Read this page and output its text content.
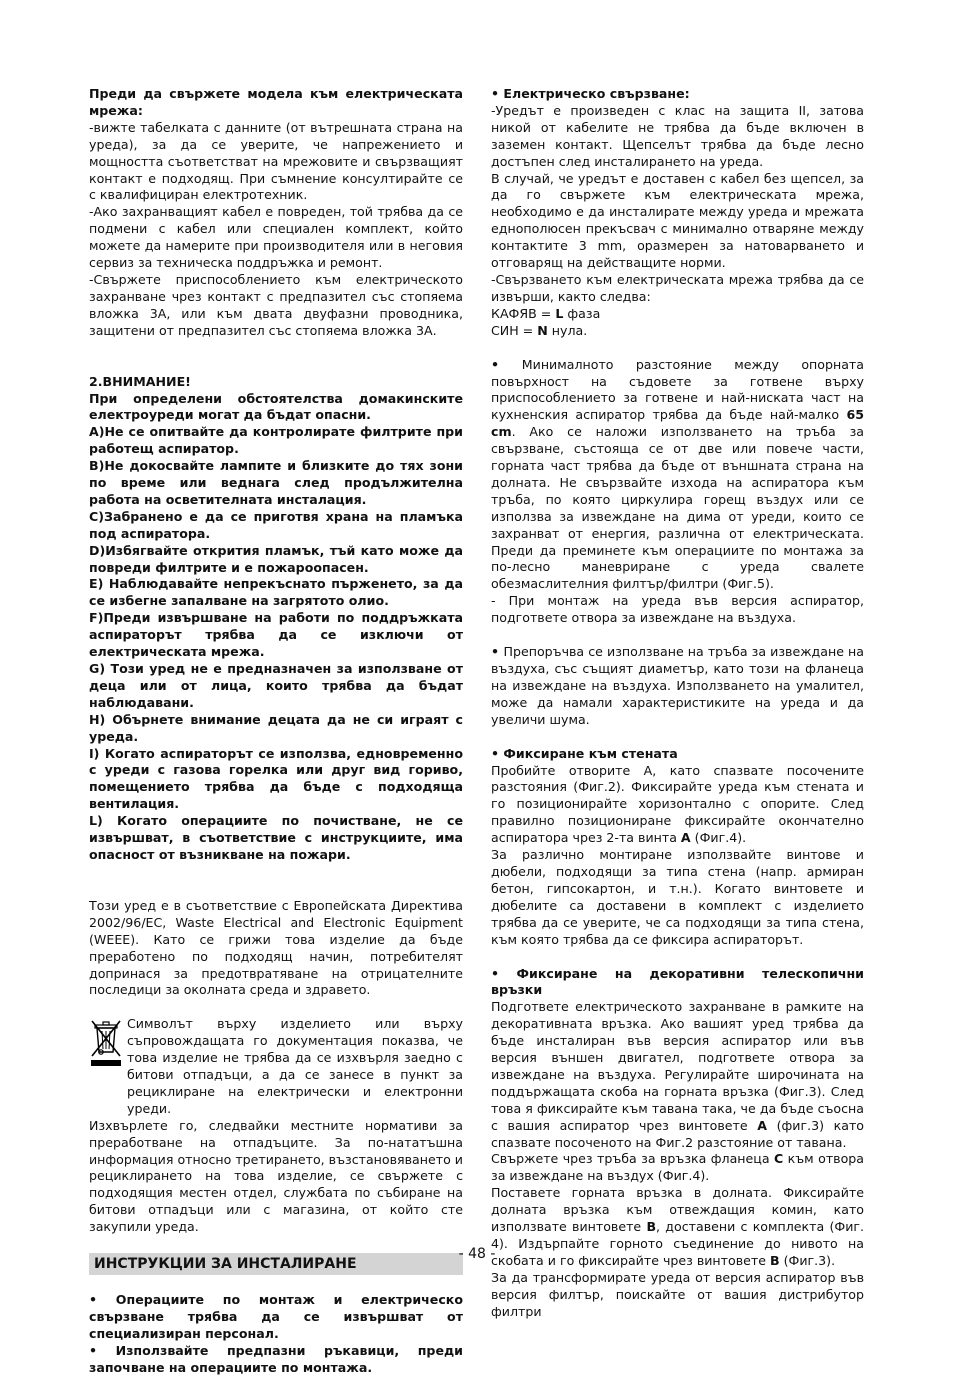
Преди да свържете модела към електрическата мрежа:

-вижте табелката с данните (от вътрешната страна на уреда), за да се уверите, че напрежението и мощността съответстват на мрежовите и свързващият контакт е подходящ. При съмнение консултирайте се с квалифициран електротехник.

-Ако захранващият кабел е повреден, той трябва да се подмени с кабел или специален комплект, който можете да намерите при производителя или в неговия сервиз за техническа поддръжка и ремонт.

-Свържете приспособлението към електрическото захранване чрез контакт с предпазител със стопяема вложка 3А, или към двата двуфазни проводника, защитени от предпазител със стопяема вложка 3А.

2.ВНИМАНИЕ!

При определени обстоятелства домакинските електроуреди могат да бъдат опасни.

A)Не се опитвайте да контролирате филтрите при работещ аспиратор.

B)Не докосвайте лампите и близките до тях зони по време или веднага след продължителна работа на осветителната инсталация.

C)Забранено е да се приготвя храна на пламъка под аспиратора.

D)Избягвайте открития пламък, тъй като може да повреди филтрите и е пожароопасен.

E) Наблюдавайте непрекъснато пърженето, за да се избегне запалване на загрятото олио.

F)Преди извършване на работи по поддръжката аспираторът трябва да се изключи от електрическата мрежа.

G) Този уред не е предназначен за използване от деца или от лица, които трябва да бъдат наблюдавани.

H) Обърнете внимание децата да не си играят с уреда.

I) Когато аспираторът се използва, едновременно с уреди с газова горелка или друг вид гориво, помещението трябва да бъде с подходяща вентилация.

L) Когато операциите по почистване, не се извършват, в съответствие с инструкциите, има опасност от възникване на пожари.

Този уред е в съответствие с Европейската Директива 2002/96/EC, Waste Electrical and Electronic Equipment (WEEE). Като се грижи това изделие да бъде преработено по подходящ начин, потребителят допринася за предотвратяване на отрицателните последици за околната среда и здравето.

Символът върху изделието или върху съпровождащата го документация показва, че това изделие не трябва да се изхвърля заедно с битови отпадъци, а да се занесе в пункт за рециклиране на електрически и електронни уреди.

Изхвърлете го, следвайки местните нормативи за преработване на отпадъците. За по-нататъшна информация относно третирането, възстановяването и рециклирането на това изделие, се свържете с подходящия местен отдел, службата по събиране на битови отпадъци или с магазина, от който сте закупили уреда.

ИНСТРУКЦИИ ЗА ИНСТАЛИРАНЕ

• Операциите по монтаж и електрическо свързване трябва да се извършват от специализиран персонал.

• Използвайте предпазни ръкавици, преди започване на операциите по монтажа.

• Електрическо свързване:

-Уредът е произведен с клас на защита II, затова никой от кабелите не трябва да бъде включен в заземен контакт. Щепселът трябва да бъде лесно достъпен след инсталирането на уреда.

В случай, че уредът е доставен с кабел без щепсел, за да го свържете към електрическата мрежа, необходимо е да инсталирате между уреда и мрежата еднополюсен прекъсвач с минимално отваряне между контактите 3 mm, оразмерен за натоварването и отговарящ на действащите норми.

-Свързването към електрическата мрежа трябва да се извърши, както следва:

КАФЯВ = L фаза

СИН = N нула.

• Минималното разстояние между опорната повърхност на съдовете за готвене върху приспособлението за готвене и най-ниската част на кухненския аспиратор трябва да бъде най-малко 65 cm. Ако се наложи използването на тръба за свързване, състояща се от две или повече части, горната част трябва да бъде от външната страна на долната. Не свързвайте изхода на аспиратора към тръба, по която циркулира горещ въздух или се използва за извеждане на дима от уреди, които се захранват от енергия, различна от електрическата. Преди да преминете към операциите по монтажа за по-лесно маневриране с уреда свалете обезмаслителния филтър/филтри (Фиг.5).

- При монтаж на уреда във версия аспиратор, подгответе отвора за извеждане на въздуха.

• Препоръчва се използване на тръба за извеждане на въздуха, със същият диаметър, като този на фланеца на извеждане на въздуха. Използването на умалител, може да намали характеристиките на уреда и да увеличи шума.

• Фиксиране към стената

Пробийте отворите А, като спазвате посочените разстояния (Фиг.2). Фиксирайте уреда към стената и го позиционирайте хоризонтално с опорите. След правилно позициониране фиксирайте окончателно аспиратора чрез 2-та винта A (Фиг.4).

За различно монтиране използвайте винтове и дюбели, подходящи за типа стена (напр. армиран бетон, гипсокартон, и т.н.). Когато винтовете и дюбелите са доставени в комплект с изделието трябва да се уверите, че са подходящи за типа стена, към която трябва да се фиксира аспираторът.

• Фиксиране на декоративни телескопични връзки

Подгответе електрическото захранване в рамките на декоративната връзка. Ако вашият уред трябва да бъде инсталиран във версия аспиратор или във версия външен двигател, подгответе отвора за извеждане на въздуха. Регулирайте широчината на поддържащата скоба на горната връзка (Фиг.3). След това я фиксирайте към тавана така, че да бъде съосна с вашия аспиратор чрез винтовете A (фиг.3) като спазвате посоченото на Фиг.2 разстояние от тавана.

Свържете чрез тръба за връзка фланеца C към отвора за извеждане на въздух (Фиг.4).

Поставете горната връзка в долната. Фиксирайте долната връзка към отвеждащия комин, като използвате винтовете B, доставени с комплекта (Фиг. 4). Издърпайте горното съединение до нивото на скобата и го фиксирайте чрез винтовете B (Фиг.3).

За да трансформирате уреда от версия аспиратор във версия филтър, поискайте от вашия дистрибутор филтри

- 48 -
